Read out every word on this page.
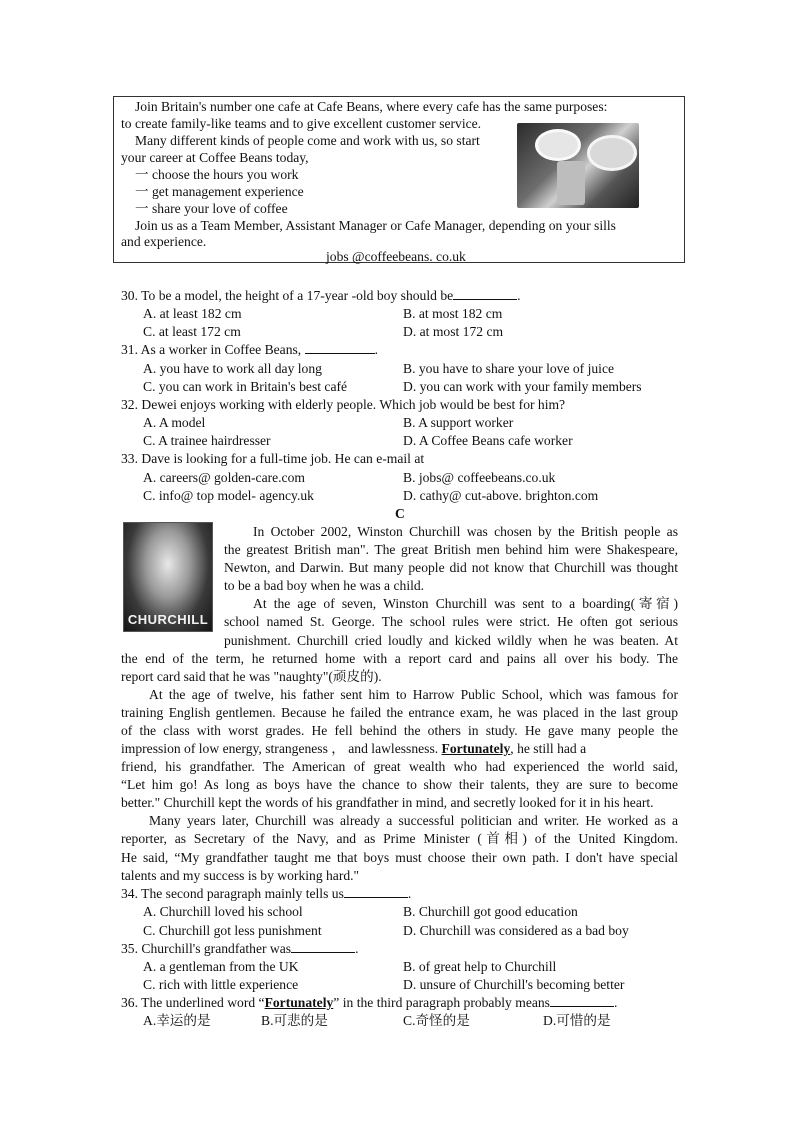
Join Britain's number one cafe at Cafe Beans, where every cafe has the same purposes:
to create family-like teams and to give excellent customer service.
Many different kinds of people come and work with us, so start
your career at Coffee Beans today,
一 choose the hours you work
一 get management experience
一 share your love of coffee
Join us as a Team Member, Assistant Manager or Cafe Manager, depending on your sills
and experience.
jobs @coffeebeans. co.uk
30. To be a model, the height of a 17-year -old boy should be	.
A. at least 182 cm	B. at most 182 cm
C. at least 172 cm	D. at most 172 cm
31. As a worker in Coffee Beans,	.
A. you have to work all day long	B. you have to share your love of juice
C. you can work in Britain's best café	D. you can work with your family members
32. Dewei enjoys working with elderly people. Which job would be best for him?
A. A model	B. A support worker
C. A trainee hairdresser	D. A Coffee Beans cafe worker
33. Dave is looking for a full-time job. He can e-mail at
A. careers@ golden-care.com	B. jobs@ coffeebeans.co.uk
C. info@ top model- agency.uk	D. cathy@ cut-above. brighton.com
C
CHURCHILL
In October 2002, Winston Churchill was chosen by the British people as
the greatest British man". The great British men behind him were Shakespeare,
Newton, and Darwin. But many people did not know that Churchill was thought
to be a bad boy when he was a child.
At the age of seven, Winston Churchill was sent to a boarding(寄宿)
school named St. George. The school rules were strict. He often got serious
punishment. Churchill cried loudly and kicked wildly when he was beaten. At
the end of the term, he returned home with a report card and pains all over his body. The
report card said that he was "naughty"(顽皮的).
At the age of twelve, his father sent him to Harrow Public School, which was famous for
training English gentlemen. Because he failed the entrance exam, he was placed in the last group
of the class with worst grades. He fell behind the others in study. He gave many people the
impression of low energy, strangeness ， and lawlessness. Fortunately, he still had a
friend, his grandfather. The American of great wealth who had experienced the world said,
“Let him go! As long as boys have the chance to show their talents, they are sure to become
better." Churchill kept the words of his grandfather in mind, and secretly looked for it in his heart.
Many years later, Churchill was already a successful politician and writer. He worked as a
reporter, as Secretary of the Navy, and as Prime Minister (首相) of the United Kingdom.
He said, “My grandfather taught me that boys must choose their own path. I don't have special
talents and my success is by working hard."
34. The second paragraph mainly tells us	.
A. Churchill loved his school	B. Churchill got good education
C. Churchill got less punishment	D. Churchill was considered as a bad boy
35. Churchill's grandfather was	.
A. a gentleman from the UK	B. of great help to Churchill
C. rich with little experience	D. unsure of Churchill's becoming better
36. The underlined word “Fortunately” in the third paragraph probably means	.
A.幸运的是	B.可悲的是	C.奇怪的是	D.可惜的是
